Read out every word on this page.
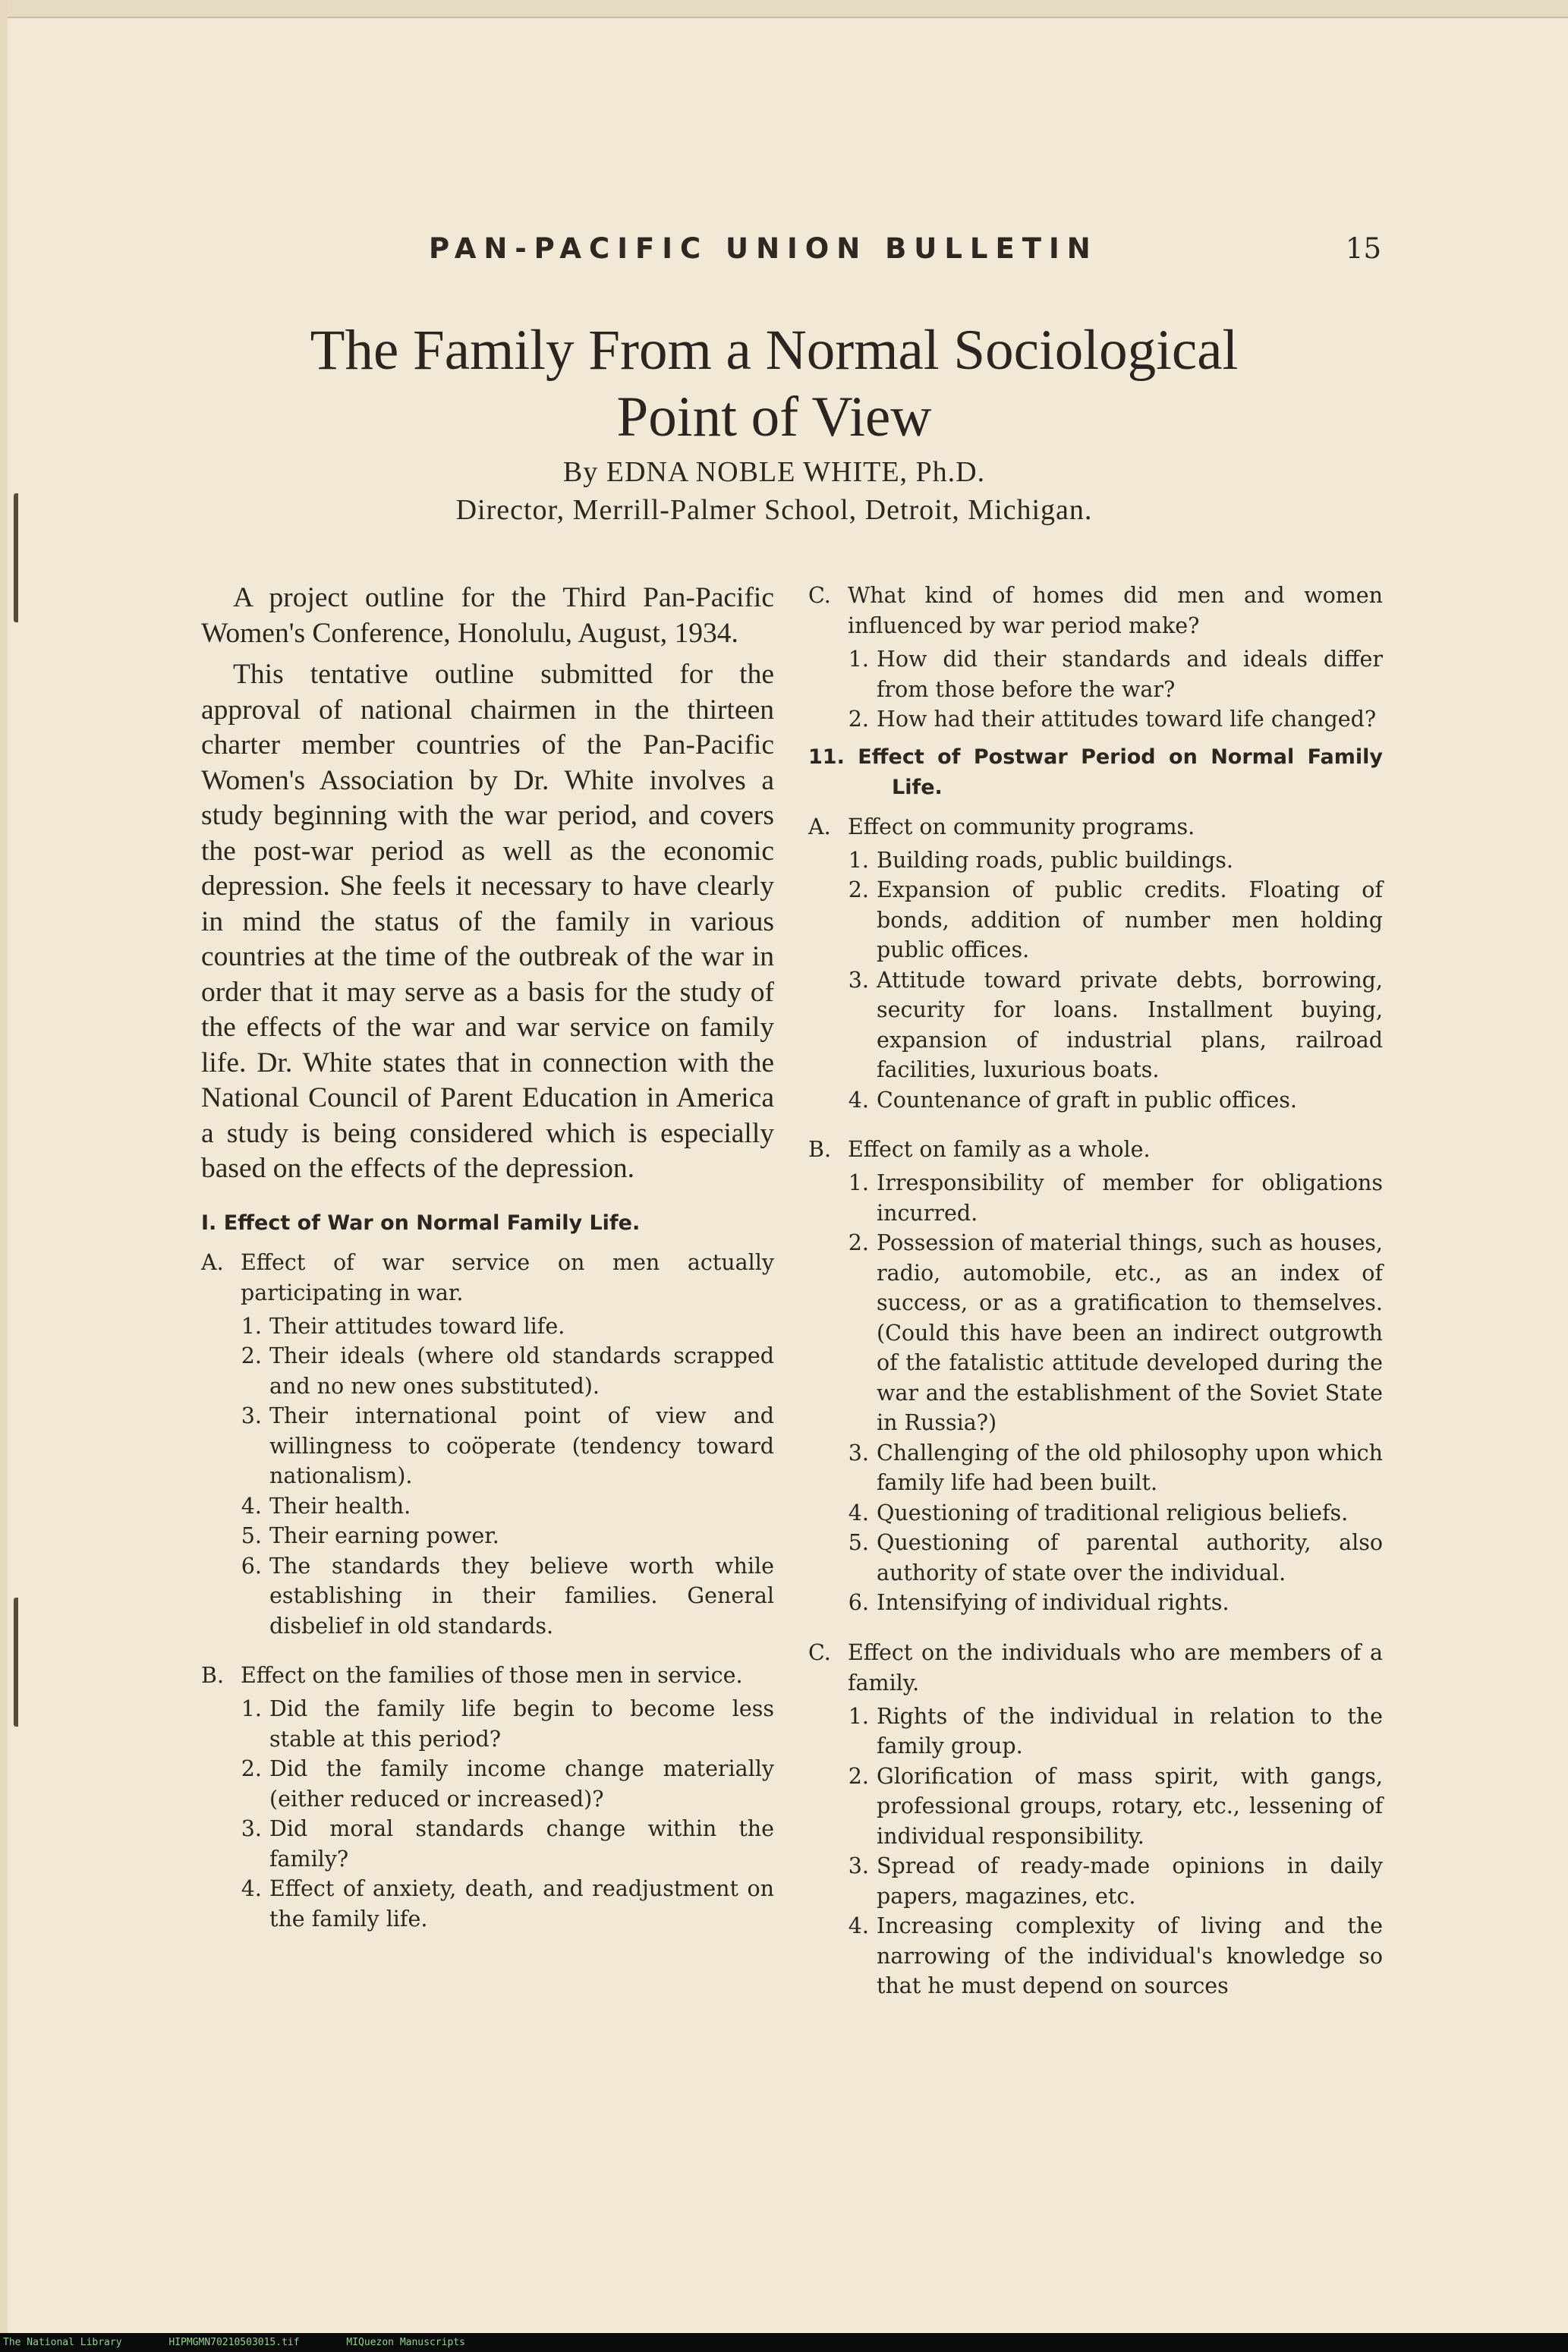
PAN-PACIFIC UNION BULLETIN	15
The Family From a Normal Sociological
Point of View
By EDNA NOBLE WHITE, Ph.D.
Director, Merrill-Palmer School, Detroit, Michigan.

A project outline for the Third Pan-Pacific Women's Conference, Honolulu, August, 1934.

This tentative outline submitted for the approval of national chairmen in the thirteen charter member countries of the Pan-Pacific Women's Association by Dr. White involves a study beginning with the war period, and covers the post-war period as well as the economic depression. She feels it necessary to have clearly in mind the status of the family in various countries at the time of the outbreak of the war in order that it may serve as a basis for the study of the effects of the war and war service on family life. Dr. White states that in connection with the National Council of Parent Education in America a study is being considered which is especially based on the effects of the depression.

I. Effect of War on Normal Family Life.
A. Effect of war service on men actually participating in war.
1. Their attitudes toward life.
2. Their ideals (where old standards scrapped and no new ones substituted).
3. Their international point of view and willingness to coöperate (tendency toward nationalism).
4. Their health.
5. Their earning power.
6. The standards they believe worth while establishing in their families. General disbelief in old standards.
B. Effect on the families of those men in service.
1. Did the family life begin to become less stable at this period?
2. Did the family income change materially (either reduced or increased)?
3. Did moral standards change within the family?
4. Effect of anxiety, death, and readjustment on the family life.
C. What kind of homes did men and women influenced by war period make?
1. How did their standards and ideals differ from those before the war?
2. How had their attitudes toward life changed?
11. Effect of Postwar Period on Normal Family Life.
A. Effect on community programs.
1. Building roads, public buildings.
2. Expansion of public credits. Floating of bonds, addition of number men holding public offices.
3. Attitude toward private debts, borrowing, security for loans. Installment buying, expansion of industrial plans, railroad facilities, luxurious boats.
4. Countenance of graft in public offices.
B. Effect on family as a whole.
1. Irresponsibility of member for obligations incurred.
2. Possession of material things, such as houses, radio, automobile, etc., as an index of success, or as a gratification to themselves. (Could this have been an indirect outgrowth of the fatalistic attitude developed during the war and the establishment of the Soviet State in Russia?)
3. Challenging of the old philosophy upon which family life had been built.
4. Questioning of traditional religious beliefs.
5. Questioning of parental authority, also authority of state over the individual.
6. Intensifying of individual rights.
C. Effect on the individuals who are members of a family.
1. Rights of the individual in relation to the family group.
2. Glorification of mass spirit, with gangs, professional groups, rotary, etc., lessening of individual responsibility.
3. Spread of ready-made opinions in daily papers, magazines, etc.
4. Increasing complexity of living and the narrowing of the individual's knowledge so that he must depend on sources
The National Library	HIPMGMN70210503015.tif	MIQuezon Manuscripts
